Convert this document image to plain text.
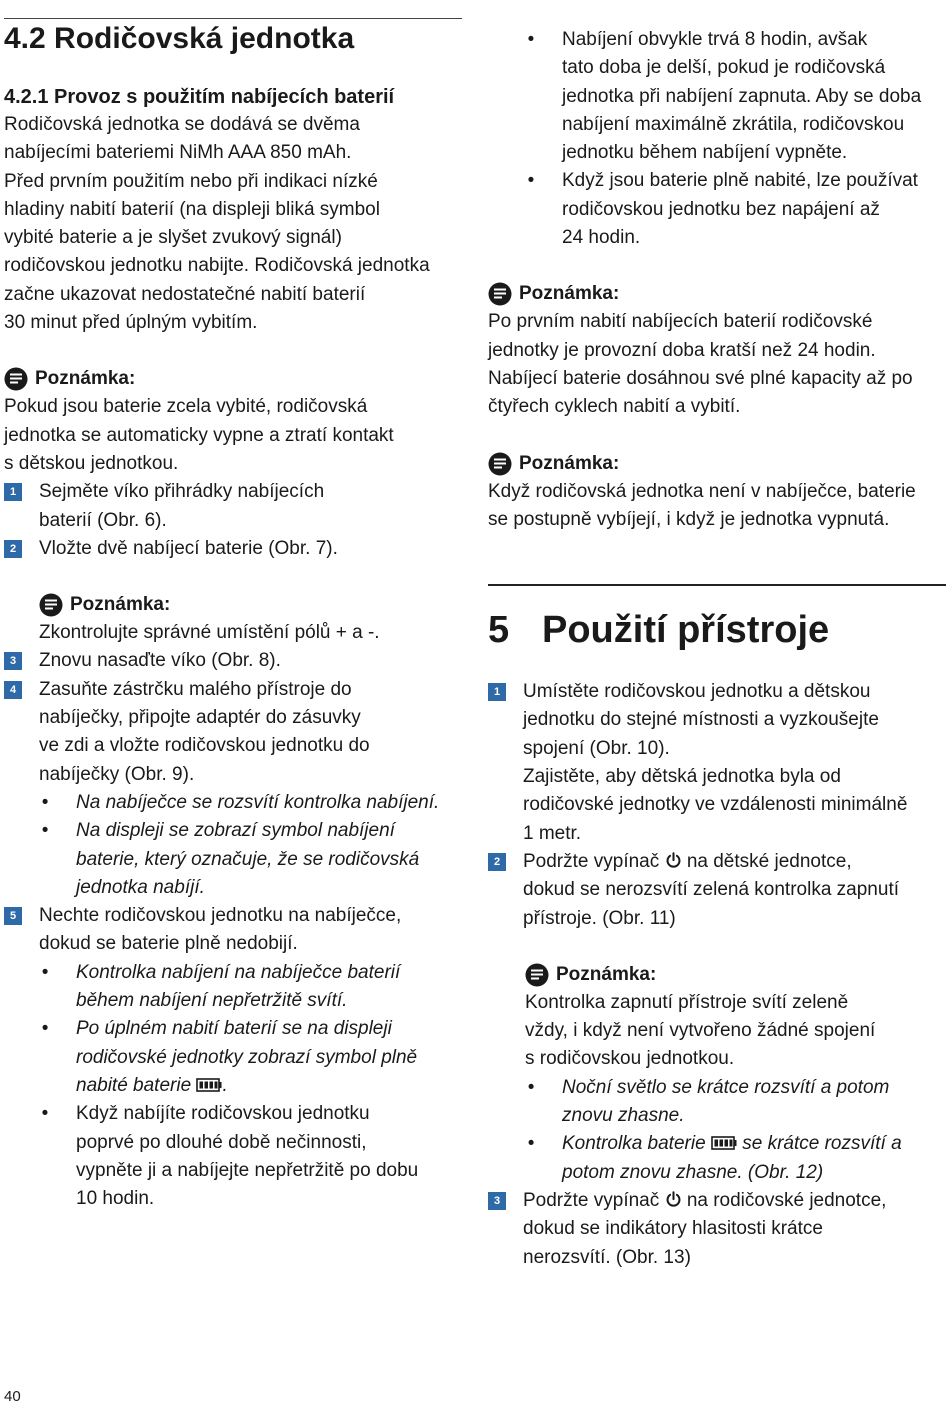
4.2 Rodičovská jednotka
4.2.1 Provoz s použitím nabíjecích baterií
Rodičovská jednotka se dodává se dvěma
nabíjecími bateriemi NiMh AAA 850 mAh.
Před prvním použitím nebo při indikaci nízké
hladiny nabití baterií (na displeji bliká symbol
vybité baterie a je slyšet zvukový signál)
rodičovskou jednotku nabijte. Rodičovská jednotka
začne ukazovat nedostatečné nabití baterií
30 minut před úplným vybitím.
Poznámka:
Pokud jsou baterie zcela vybité, rodičovská
jednotka se automaticky vypne a ztratí kontakt
s dětskou jednotkou.
1	Sejměte víko přihrádky nabíjecích
baterií (Obr. 6).
2	Vložte dvě nabíjecí baterie (Obr. 7).
Poznámka:
Zkontrolujte správné umístění pólů + a -.
3	Znovu nasaďte víko (Obr. 8).
4	Zasuňte zástrčku malého přístroje do
nabíječky, připojte adaptér do zásuvky
ve zdi a vložte rodičovskou jednotku do
nabíječky (Obr. 9).
• Na nabíječce se rozsvítí kontrolka nabíjení.
• Na displeji se zobrazí symbol nabíjení
baterie, který označuje, že se rodičovská
jednotka nabíjí.
5	Nechte rodičovskou jednotku na nabíječce,
dokud se baterie plně nedobijí.
• Kontrolka nabíjení na nabíječce baterií
během nabíjení nepřetržitě svítí.
• Po úplném nabití baterií se na displeji
rodičovské jednotky zobrazí symbol plně
nabité baterie .
• Když nabíjíte rodičovskou jednotku
poprvé po dlouhé době nečinnosti,
vypněte ji a nabíjejte nepřetržitě po dobu
10 hodin.
• Nabíjení obvykle trvá 8 hodin, avšak
tato doba je delší, pokud je rodičovská
jednotka při nabíjení zapnuta. Aby se doba
nabíjení maximálně zkrátila, rodičovskou
jednotku během nabíjení vypněte.
• Když jsou baterie plně nabité, lze používat
rodičovskou jednotku bez napájení až
24 hodin.
Poznámka:
Po prvním nabití nabíjecích baterií rodičovské
jednotky je provozní doba kratší než 24 hodin.
Nabíjecí baterie dosáhnou své plné kapacity až po
čtyřech cyklech nabití a vybití.
Poznámka:
Když rodičovská jednotka není v nabíječce, baterie
se postupně vybíjejí, i když je jednotka vypnutá.
5 Použití přístroje
1	Umístěte rodičovskou jednotku a dětskou
jednotku do stejné místnosti a vyzkoušejte
spojení (Obr. 10).
Zajistěte, aby dětská jednotka byla od
rodičovské jednotky ve vzdálenosti minimálně
1 metr.
2	Podržte vypínač na dětské jednotce,
dokud se nerozsvítí zelená kontrolka zapnutí
přístroje. (Obr. 11)
Poznámka:
Kontrolka zapnutí přístroje svítí zeleně
vždy, i když není vytvořeno žádné spojení
s rodičovskou jednotkou.
• Noční světlo se krátce rozsvítí a potom
znovu zhasne.
• Kontrolka baterie se krátce rozsvítí a
potom znovu zhasne. (Obr. 12)
3	Podržte vypínač na rodičovské jednotce,
dokud se indikátory hlasitosti krátce
nerozsvítí. (Obr. 13)
40
